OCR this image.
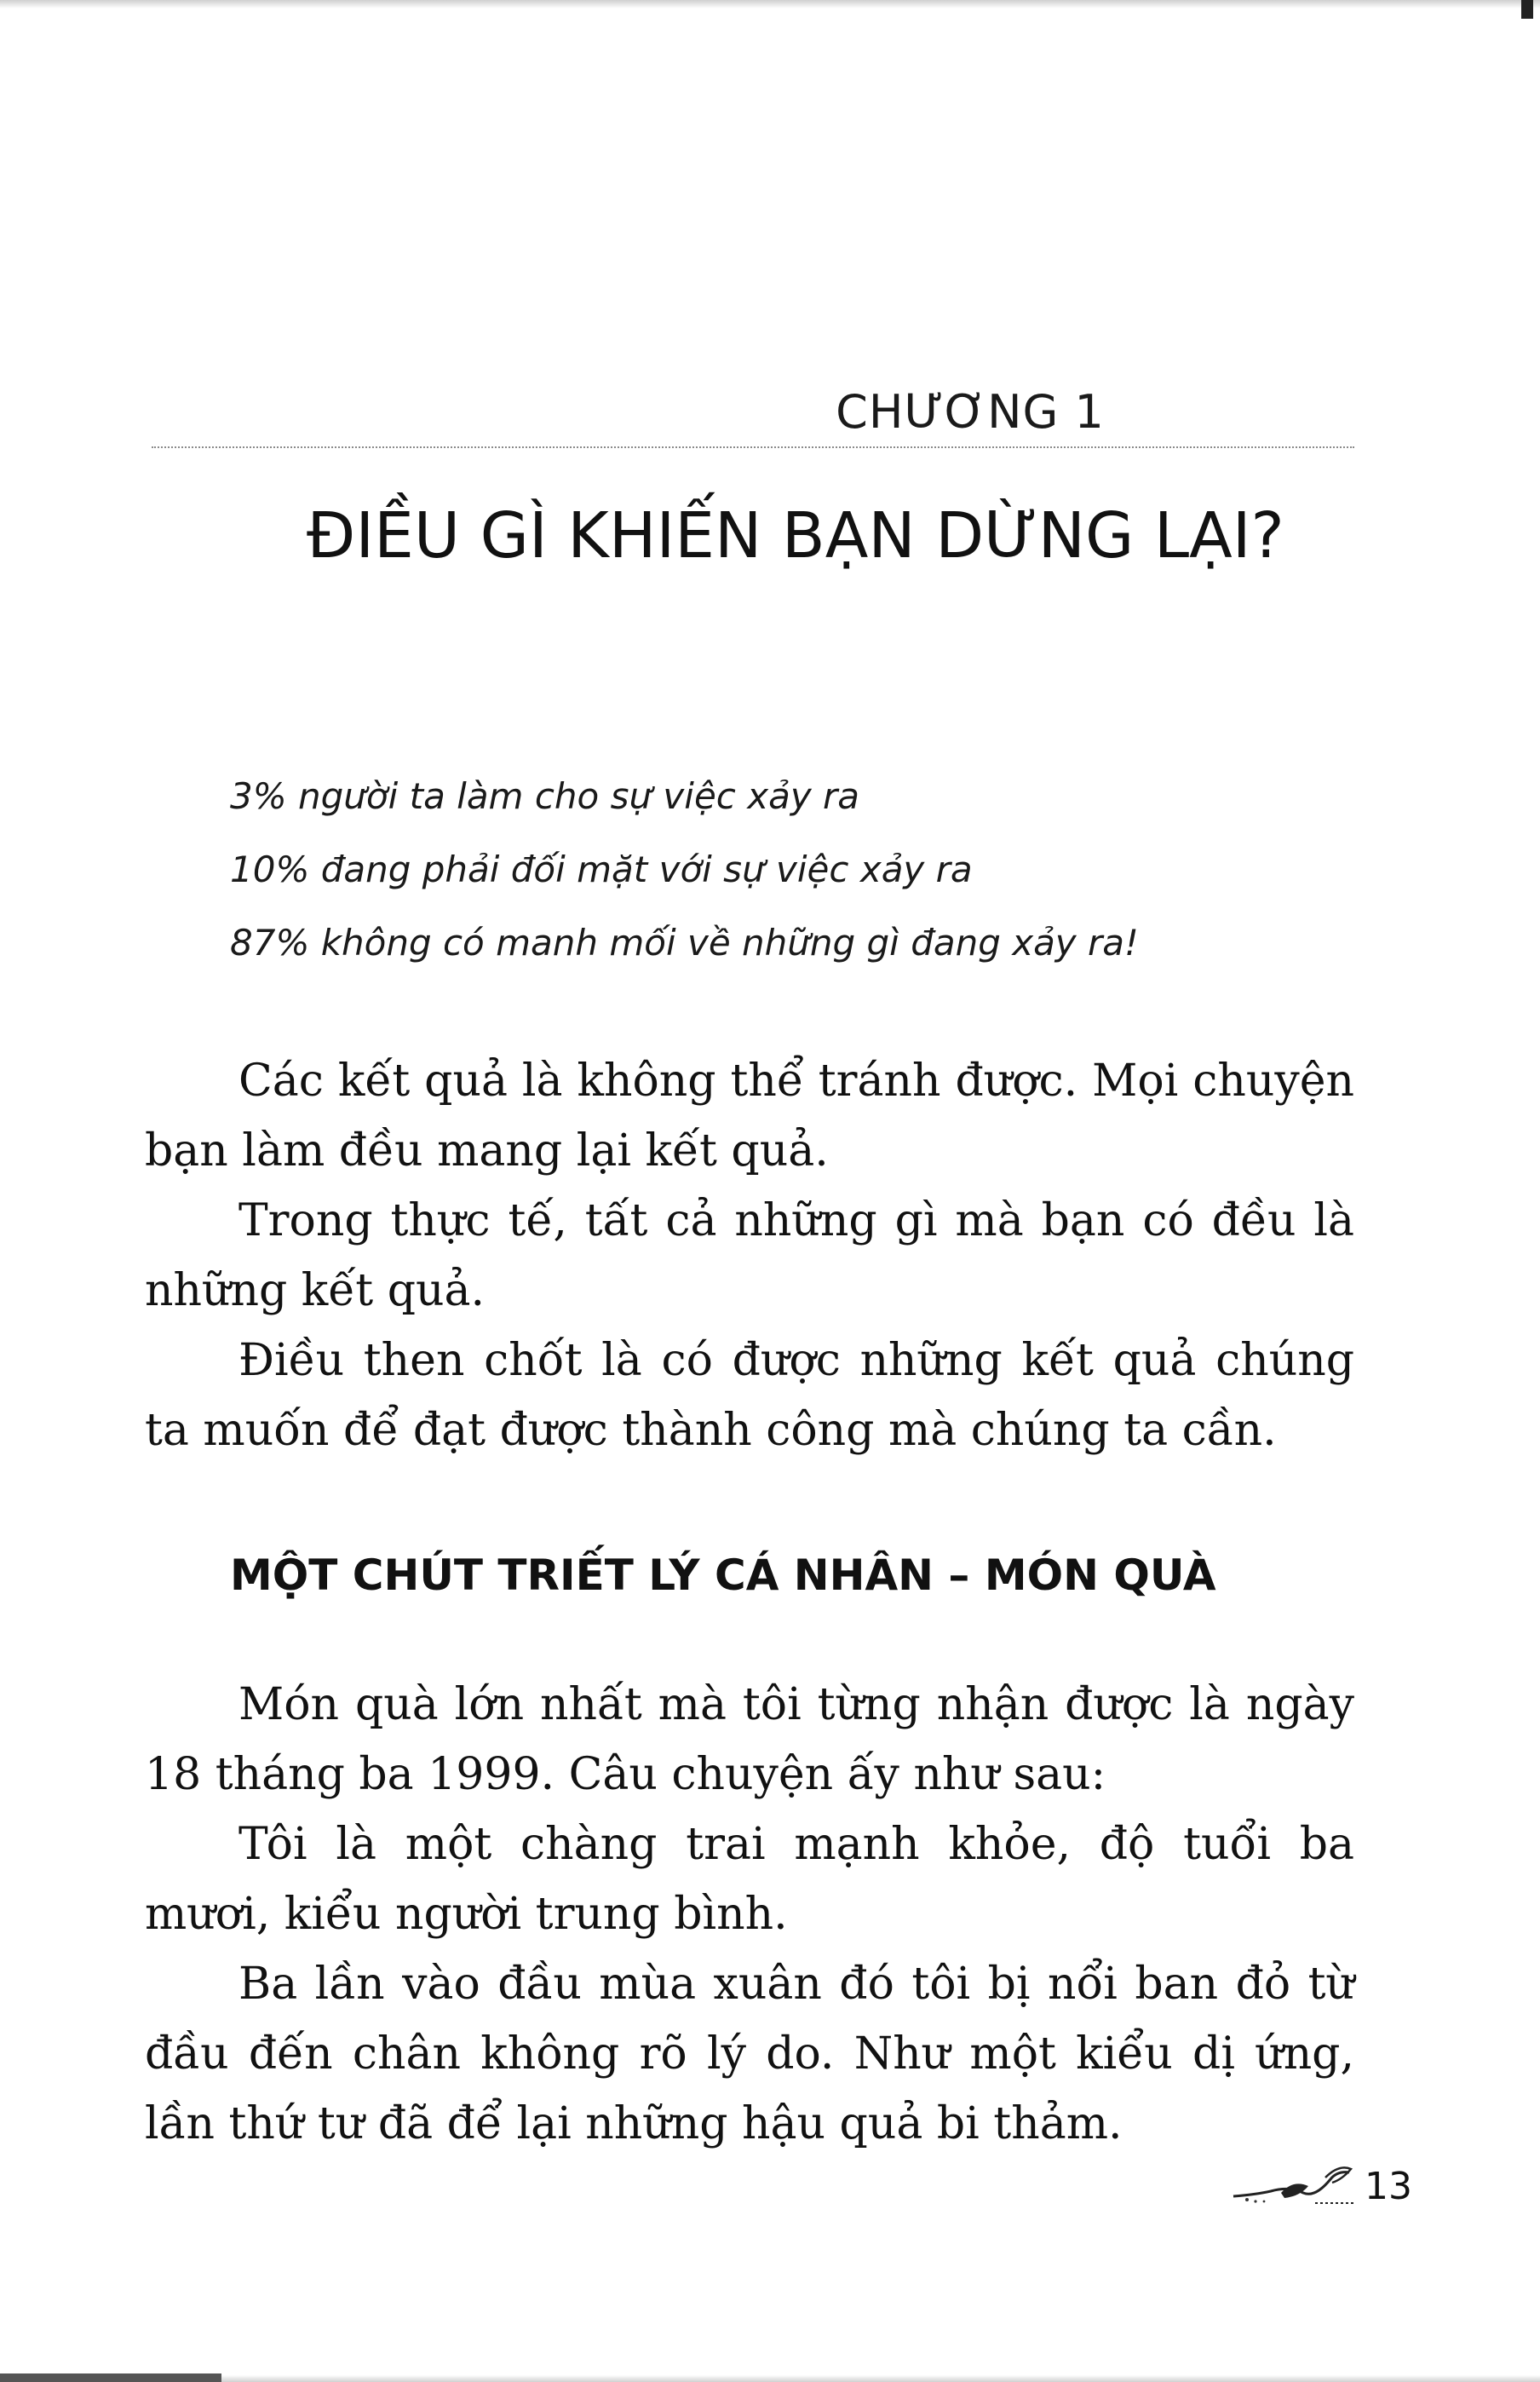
CHƯƠNG 1
ĐIỀU GÌ KHIẾN BẠN DỪNG LẠI?
3% người ta làm cho sự việc xảy ra
10% đang phải đối mặt với sự việc xảy ra
87% không có manh mối về những gì đang xảy ra!

Các kết quả là không thể tránh được. Mọi chuyện bạn làm đều mang lại kết quả.

Trong thực tế, tất cả những gì mà bạn có đều là những kết quả.

Điều then chốt là có được những kết quả chúng ta muốn để đạt được thành công mà chúng ta cần.

MỘT CHÚT TRIẾT LÝ CÁ NHÂN – MÓN QUÀ

Món quà lớn nhất mà tôi từng nhận được là ngày 18 tháng ba 1999. Câu chuyện ấy như sau:

Tôi là một chàng trai mạnh khỏe, độ tuổi ba mươi, kiểu người trung bình.

Ba lần vào đầu mùa xuân đó tôi bị nổi ban đỏ từ đầu đến chân không rõ lý do. Như một kiểu dị ứng, lần thứ tư đã để lại những hậu quả bi thảm.

13
